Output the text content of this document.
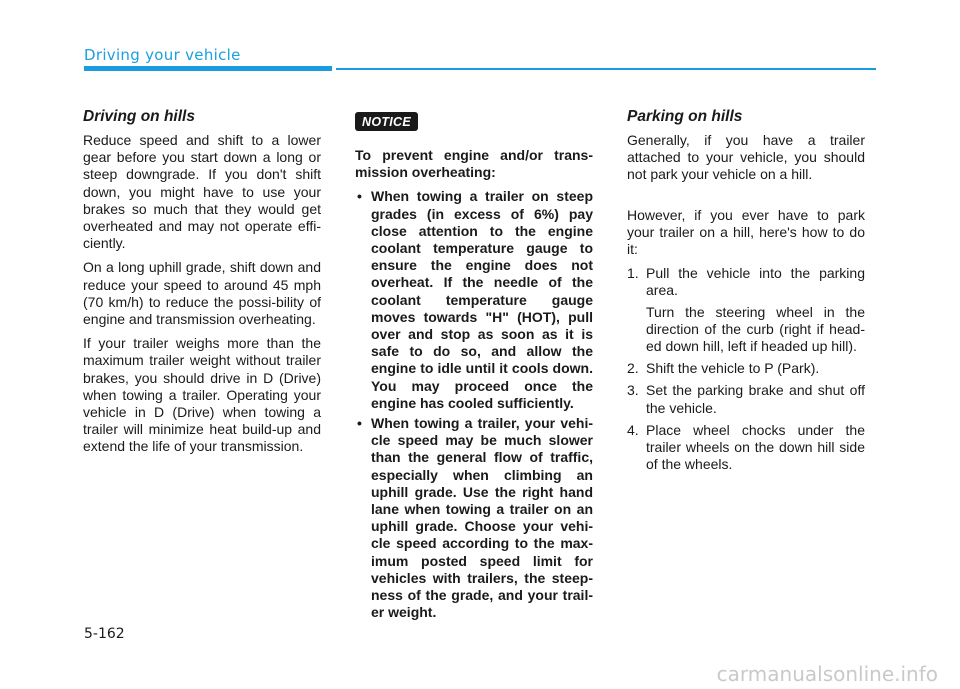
Driving your vehicle
Driving on hills

Reduce speed and shift to a lower gear before you start down a long or steep downgrade. If you don't shift down, you might have to use your brakes so much that they would get overheated and may not operate effi-ciently.

On a long uphill grade, shift down and reduce your speed to around 45 mph (70 km/h) to reduce the possi-bility of engine and transmission overheating.

If your trailer weighs more than the maximum trailer weight without trailer brakes, you should drive in D (Drive) when towing a trailer. Operating your vehicle in D (Drive) when towing a trailer will minimize heat build-up and extend the life of your transmission.

NOTICE

To prevent engine and/or trans-mission overheating:

• When towing a trailer on steep grades (in excess of 6%) pay close attention to the engine coolant temperature gauge to ensure the engine does not overheat. If the needle of the coolant temperature gauge moves towards "H" (HOT), pull over and stop as soon as it is safe to do so, and allow the engine to idle until it cools down. You may proceed once the engine has cooled sufficiently.
• When towing a trailer, your vehi-cle speed may be much slower than the general flow of traffic, especially when climbing an uphill grade. Use the right hand lane when towing a trailer on an uphill grade. Choose your vehi-cle speed according to the max-imum posted speed limit for vehicles with trailers, the steep-ness of the grade, and your trail-er weight.
Parking on hills

Generally, if you have a trailer attached to your vehicle, you should not park your vehicle on a hill.

However, if you ever have to park your trailer on a hill, here's how to do it:

1. Pull the vehicle into the parking area.
Turn the steering wheel in the direction of the curb (right if head-ed down hill, left if headed up hill).
2. Shift the vehicle to P (Park).
3. Set the parking brake and shut off the vehicle.
4. Place wheel chocks under the trailer wheels on the down hill side of the wheels.
5-162
carmanualsonline.info
